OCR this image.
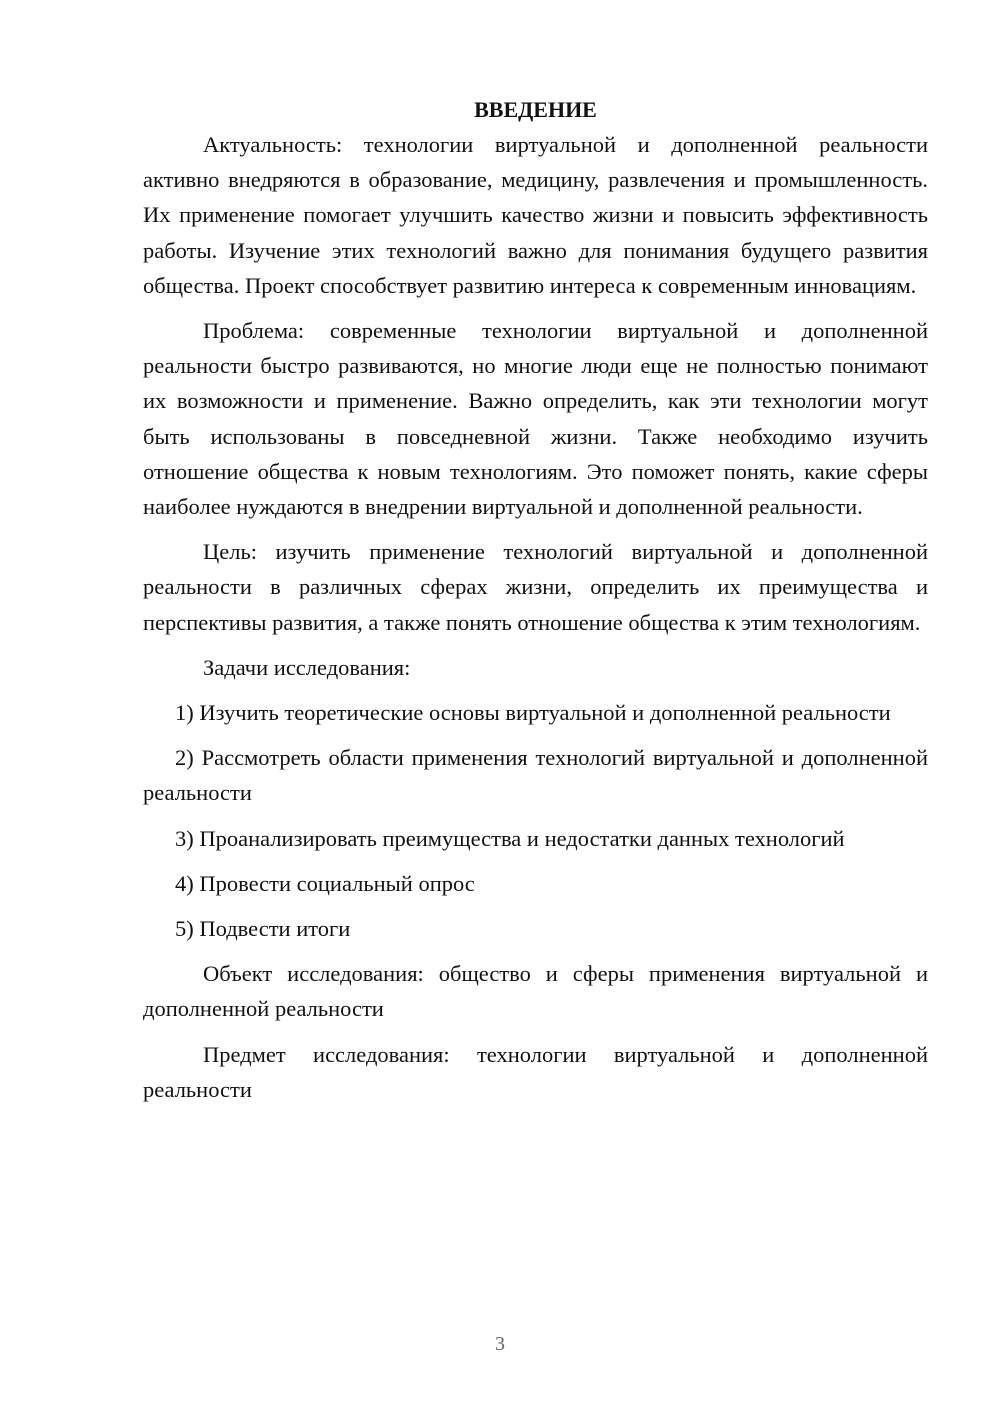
ВВЕДЕНИЕ

Актуальность: технологии виртуальной и дополненной реальности активно внедряются в образование, медицину, развлечения и промышленность. Их применение помогает улучшить качество жизни и повысить эффективность работы. Изучение этих технологий важно для понимания будущего развития общества. Проект способствует развитию интереса к современным инновациям.

Проблема: современные технологии виртуальной и дополненной реальности быстро развиваются, но многие люди еще не полностью понимают их возможности и применение. Важно определить, как эти технологии могут быть использованы в повседневной жизни. Также необходимо изучить отношение общества к новым технологиям. Это поможет понять, какие сферы наиболее нуждаются в внедрении виртуальной и дополненной реальности.

Цель: изучить применение технологий виртуальной и дополненной реальности в различных сферах жизни, определить их преимущества и перспективы развития, а также понять отношение общества к этим технологиям.

Задачи исследования:

1) Изучить теоретические основы виртуальной и дополненной реальности

2) Рассмотреть области применения технологий виртуальной и дополненной реальности

3) Проанализировать преимущества и недостатки данных технологий

4) Провести социальный опрос

5) Подвести итоги

Объект исследования: общество и сферы применения виртуальной и дополненной реальности

Предмет исследования: технологии виртуальной и дополненной реальности

3
